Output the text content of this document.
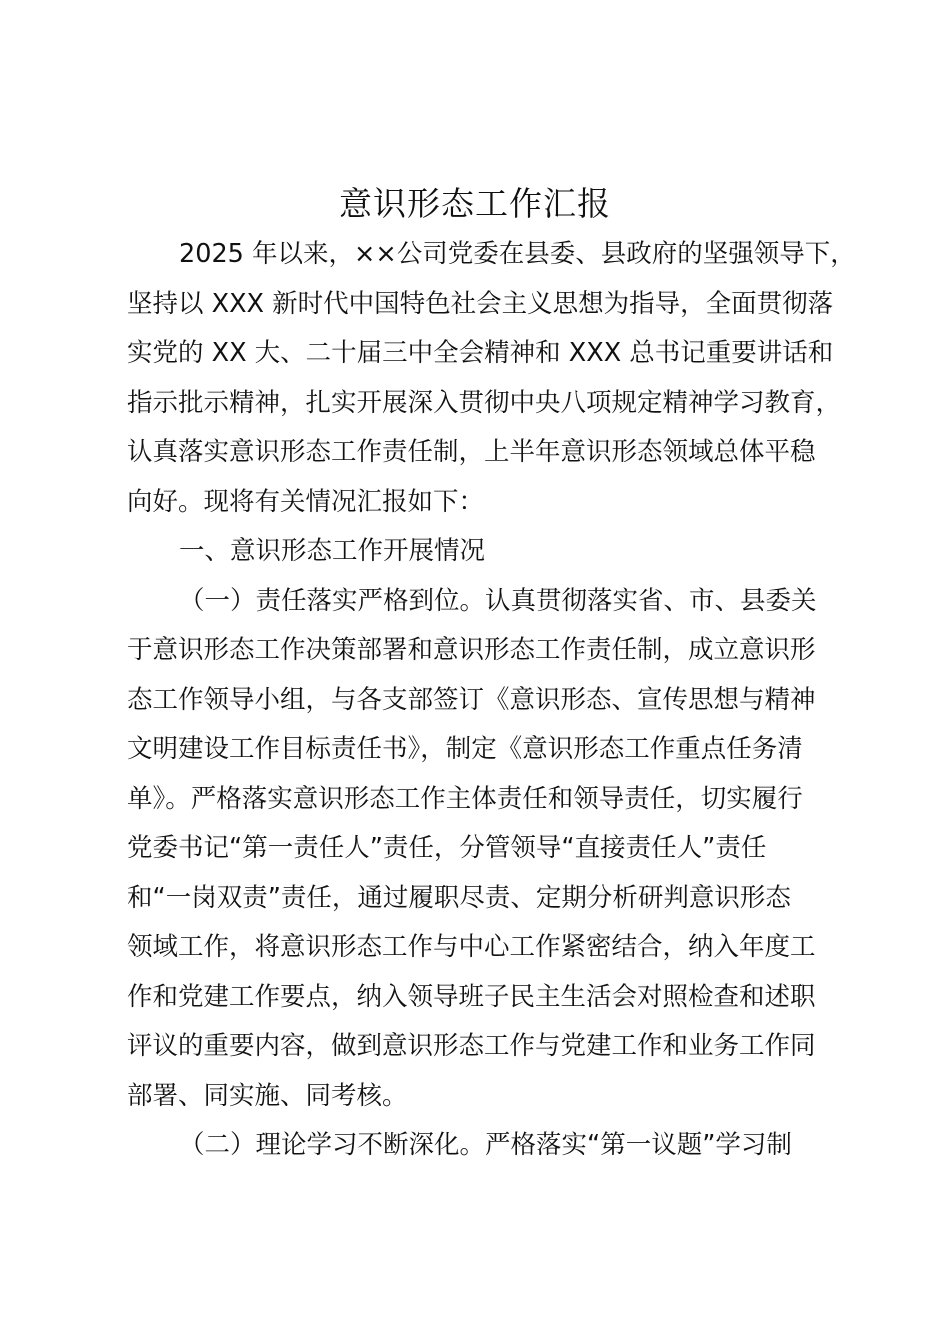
意识形态工作汇报
2025 年以来，××公司党委在县委、县政府的坚强领导下，
坚持以 XXX 新时代中国特色社会主义思想为指导，全面贯彻落
实党的 XX 大、二十届三中全会精神和 XXX 总书记重要讲话和
指示批示精神，扎实开展深入贯彻中央八项规定精神学习教育，
认真落实意识形态工作责任制，上半年意识形态领域总体平稳
向好。现将有关情况汇报如下：
一、意识形态工作开展情况
（一）责任落实严格到位。认真贯彻落实省、市、县委关
于意识形态工作决策部署和意识形态工作责任制，成立意识形
态工作领导小组，与各支部签订《意识形态、宣传思想与精神
文明建设工作目标责任书》，制定《意识形态工作重点任务清
单》。严格落实意识形态工作主体责任和领导责任，切实履行
党委书记“第一责任人”责任，分管领导“直接责任人”责任
和“一岗双责”责任，通过履职尽责、定期分析研判意识形态
领域工作，将意识形态工作与中心工作紧密结合，纳入年度工
作和党建工作要点，纳入领导班子民主生活会对照检查和述职
评议的重要内容，做到意识形态工作与党建工作和业务工作同
部署、同实施、同考核。
（二）理论学习不断深化。严格落实“第一议题”学习制
